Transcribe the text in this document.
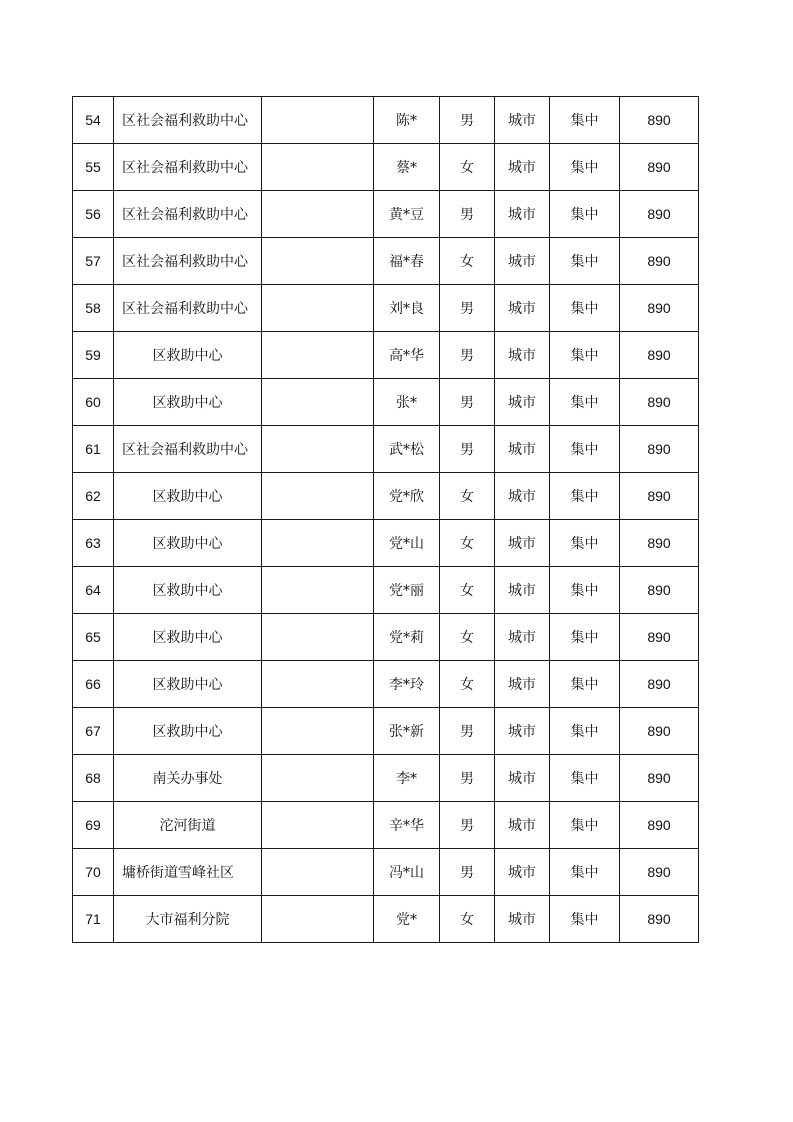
54	区社会福利救助中心		陈*	男	城市	集中	890
55	区社会福利救助中心		蔡*	女	城市	集中	890
56	区社会福利救助中心		黄*豆	男	城市	集中	890
57	区社会福利救助中心		福*春	女	城市	集中	890
58	区社会福利救助中心		刘*良	男	城市	集中	890
59	区救助中心		高*华	男	城市	集中	890
60	区救助中心		张*	男	城市	集中	890
61	区社会福利救助中心		武*松	男	城市	集中	890
62	区救助中心		党*欣	女	城市	集中	890
63	区救助中心		党*山	女	城市	集中	890
64	区救助中心		党*丽	女	城市	集中	890
65	区救助中心		党*莉	女	城市	集中	890
66	区救助中心		李*玲	女	城市	集中	890
67	区救助中心		张*新	男	城市	集中	890
68	南关办事处		李*	男	城市	集中	890
69	沱河街道		辛*华	男	城市	集中	890
70	墉桥街道雪峰社区		冯*山	男	城市	集中	890
71	大市福利分院		党*	女	城市	集中	890
